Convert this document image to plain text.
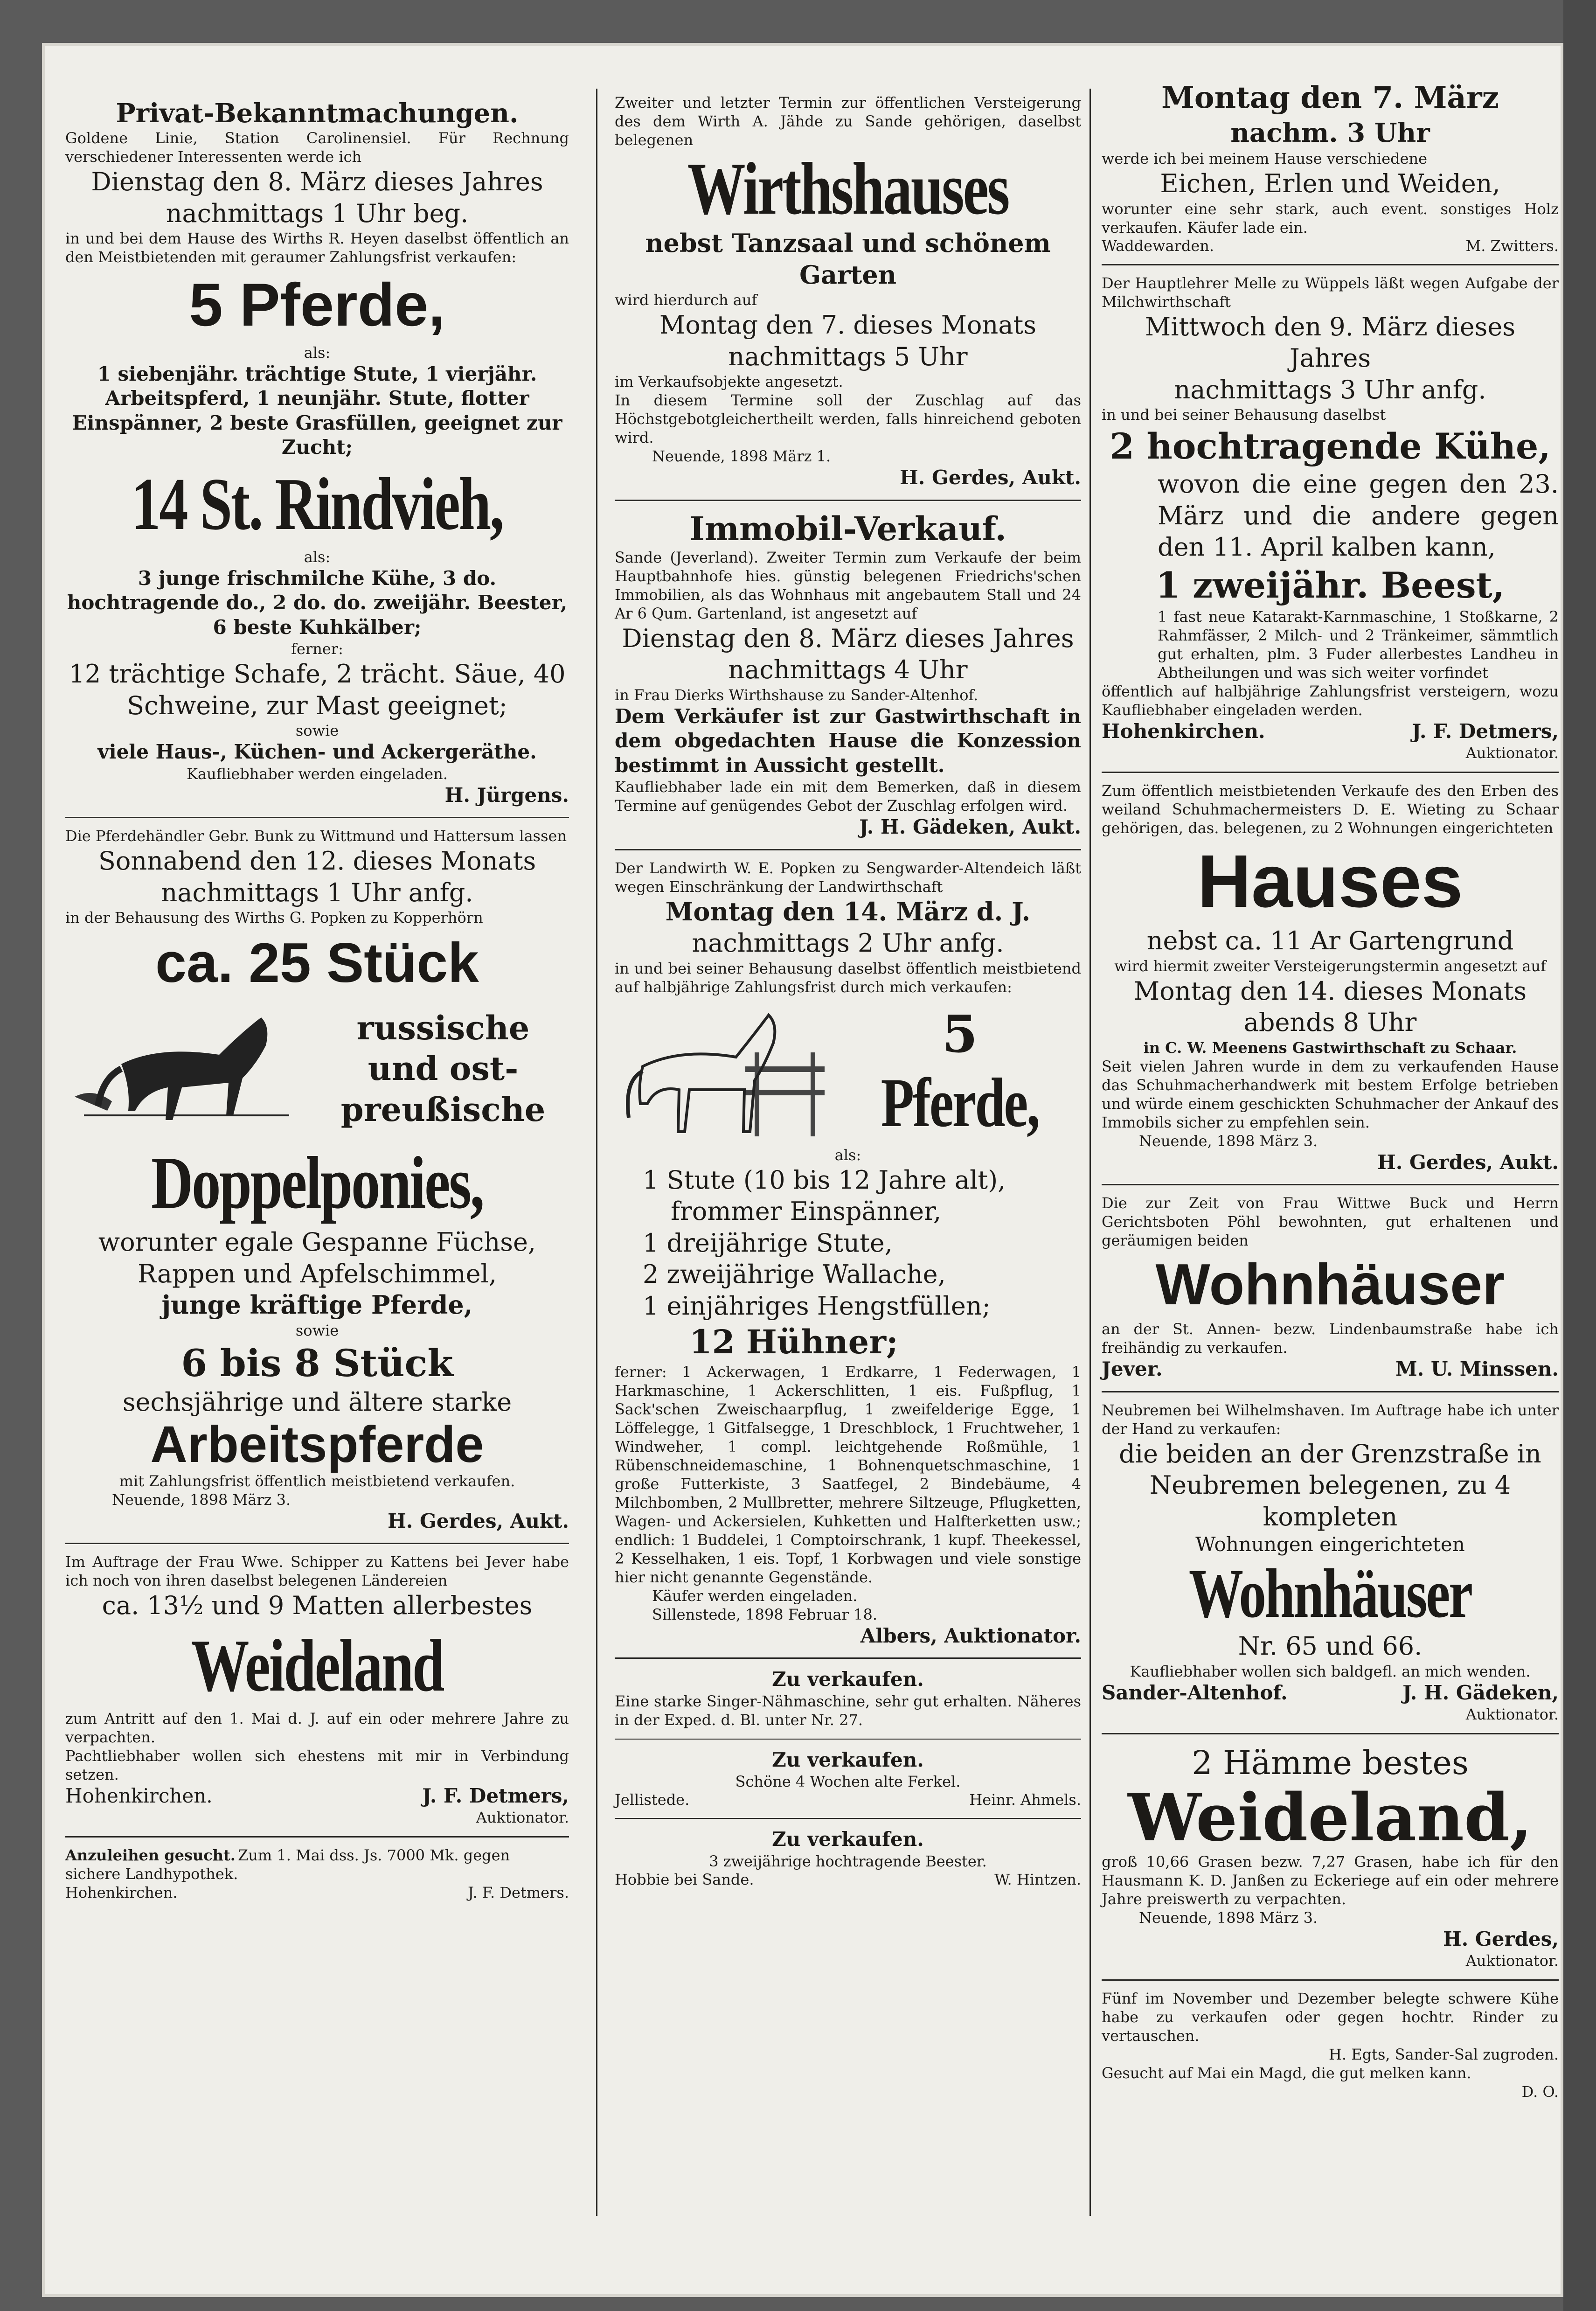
Privat-Bekanntmachungen.
Goldene Linie, Station Carolinensiel. Für Rechnung verschiedener Interessenten werde ich
Dienstag den 8. März dieses Jahres
nachmittags 1 Uhr beg.
in und bei dem Hause des Wirths R. Heyen daselbst öffentlich an den Meistbietenden mit geraumer Zahlungsfrist verkaufen:
5 Pferde,
als:
1 siebenjähr. trächtige Stute, 1 vierjähr. Arbeitspferd, 1 neunjähr. Stute, flotter Einspänner, 2 beste Grasfüllen, geeignet zur Zucht;
14 St. Rindvieh,
als:
3 junge frischmilchе Kühe, 3 do. hochtragende do., 2 do. do. zweijähr. Beester, 6 beste Kuhkälber;
ferner:
12 trächtige Schafe, 2 trächt. Säue, 40 Schweine, zur Mast geeignet;
sowie
viele Haus-, Küchen- und Ackergeräthe.
Kaufliebhaber werden eingeladen.
H. Jürgens.
Die Pferdehändler Gebr. Bunk zu Wittmund und Hattersum lassen
Sonnabend den 12. dieses Monats
nachmittags 1 Uhr anfg.
in der Behausung des Wirths G. Popken zu Kopperhörn
ca. 25 Stück
russische
und ost-
preußische
Doppelponies,
worunter egale Gespanne Füchse, Rappen und Apfelschimmel,
junge kräftige Pferde,
sowie
6 bis 8 Stück
sechsjährige und ältere starke
Arbeitspferde
mit Zahlungsfrist öffentlich meistbietend verkaufen.
Neuende, 1898 März 3.
H. Gerdes, Aukt.
Im Auftrage der Frau Wwe. Schipper zu Kattens bei Jever habe ich noch von ihren daselbst belegenen Ländereien
ca. 13½ und 9 Matten allerbestes
Weideland
zum Antritt auf den 1. Mai d. J. auf ein oder mehrere Jahre zu verpachten.
Pachtliebhaber wollen sich ehestens mit mir in Verbindung setzen.
Hohenkirchen.	J. F. Detmers,
Auktionator.
Anzuleihen gesucht. Zum 1. Mai dss. Js. 7000 Mk. gegen sichere Landhypothek.
Hohenkirchen.	J. F. Detmers.
Zweiter und letzter Termin zur öffentlichen Versteigerung des dem Wirth A. Jähde zu Sande gehörigen, daselbst belegenen
Wirthshauses
nebst Tanzsaal und schönem Garten
wird hierdurch auf
Montag den 7. dieses Monats
nachmittags 5 Uhr
im Verkaufsobjekte angesetzt.
In diesem Termine soll der Zuschlag auf das Höchstgebotgleichertheilt werden, falls hinreichend geboten wird.
Neuende, 1898 März 1.
H. Gerdes, Aukt.
Immobil-Verkauf.
Sande (Jeverland). Zweiter Termin zum Verkaufe der beim Hauptbahnhofe hies. günstig belegenen Friedrichs'schen Immobilien, als das Wohnhaus mit angebautem Stall und 24 Ar 6 Qum. Gartenland, ist angesetzt auf
Dienstag den 8. März dieses Jahres
nachmittags 4 Uhr
in Frau Dierks Wirthshause zu Sander-Altenhof.
Dem Verkäufer ist zur Gastwirthschaft in dem obgedachten Hause die Konzession bestimmt in Aussicht gestellt.
Kaufliebhaber lade ein mit dem Bemerken, daß in diesem Termine auf genügendes Gebot der Zuschlag erfolgen wird.
J. H. Gädeken, Aukt.
Der Landwirth W. E. Popken zu Sengwarder-Altendeich läßt wegen Einschränkung der Landwirthschaft
Montag den 14. März d. J.
nachmittags 2 Uhr anfg.
in und bei seiner Behausung daselbst öffentlich meistbietend auf halbjährige Zahlungsfrist durch mich verkaufen:
5
Pferde,
als:
1 Stute (10 bis 12 Jahre alt),
frommer Einspänner,
1 dreijährige Stute,
2 zweijährige Wallache,
1 einjähriges Hengstfüllen;
12 Hühner;
ferner: 1 Ackerwagen, 1 Erdkarre, 1 Federwagen, 1 Harkmaschine, 1 Ackerschlitten, 1 eis. Fußpflug, 1 Sack'schen Zweischaarpflug, 1 zweifelderige Egge, 1 Löffelegge, 1 Gitfalsegge, 1 Dreschblock, 1 Fruchtweher, 1 Windweher, 1 compl. leichtgehende Roßmühle, 1 Rübenschneidemaschine, 1 Bohnenquetschmaschine, 1 große Futterkiste, 3 Saatfegel, 2 Bindebäume, 4 Milchbomben, 2 Mullbretter, mehrere Siltzeuge, Pflugketten, Wagen- und Ackersielen, Kuhketten und Halfterketten usw.; endlich: 1 Buddelei, 1 Comptoirschrank, 1 kupf. Theekessel, 2 Kesselhaken, 1 eis. Topf, 1 Korbwagen und viele sonstige hier nicht genannte Gegenstände.
Käufer werden eingeladen.
Sillenstede, 1898 Februar 18.
Albers, Auktionator.
Zu verkaufen.
Eine starke Singer-Nähmaschine, sehr gut erhalten. Näheres in der Exped. d. Bl. unter Nr. 27.
Zu verkaufen.
Schöne 4 Wochen alte Ferkel.
Jellistede.	Heinr. Ahmels.
Zu verkaufen.
3 zweijährige hochtragende Beester.
Hobbie bei Sande.	W. Hintzen.
Montag den 7. März
nachm. 3 Uhr
werde ich bei meinem Hause verschiedene
Eichen, Erlen und Weiden,
worunter eine sehr stark, auch event. sonstiges Holz verkaufen. Käufer lade ein.
Waddewarden.	M. Zwitters.
Der Hauptlehrer Melle zu Wüppels läßt wegen Aufgabe der Milchwirthschaft
Mittwoch den 9. März dieses Jahres
nachmittags 3 Uhr anfg.
in und bei seiner Behausung daselbst
2 hochtragende Kühe,
wovon die eine gegen den 23. März und die andere gegen den 11. April kalben kann,
1 zweijähr. Beest,
1 fast neue Katarakt-Karnmaschine, 1 Stoßkarne, 2 Rahmfässer, 2 Milch- und 2 Tränkeimer, sämmtlich gut erhalten, plm. 3 Fuder allerbestes Landheu in Abtheilungen und was sich weiter vorfindet
öffentlich auf halbjährige Zahlungsfrist versteigern, wozu Kaufliebhaber eingeladen werden.
Hohenkirchen.	J. F. Detmers,
Auktionator.
Zum öffentlich meistbietenden Verkaufe des den Erben des weiland Schuhmachermeisters D. E. Wieting zu Schaar gehörigen, das. belegenen, zu 2 Wohnungen eingerichteten
Hauses
nebst ca. 11 Ar Gartengrund
wird hiermit zweiter Versteigerungstermin angesetzt auf
Montag den 14. dieses Monats
abends 8 Uhr
in C. W. Meenens Gastwirthschaft zu Schaar.
Seit vielen Jahren wurde in dem zu verkaufenden Hause das Schuhmacherhandwerk mit bestem Erfolge betrieben und würde einem geschickten Schuhmacher der Ankauf des Immobils sicher zu empfehlen sein.
Neuende, 1898 März 3.
H. Gerdes, Aukt.
Die zur Zeit von Frau Wittwe Buck und Herrn Gerichtsboten Pöhl bewohnten, gut erhaltenen und geräumigen beiden
Wohnhäuser
an der St. Annen- bezw. Lindenbaumstraße habe ich freihändig zu verkaufen.
Jever.	M. U. Minssen.
Neubremen bei Wilhelmshaven. Im Auftrage habe ich unter der Hand zu verkaufen:
die beiden an der Grenzstraße in
Neubremen belegenen, zu 4 kompleten
Wohnungen eingerichteten
Wohnhäuser
Nr. 65 und 66.
Kaufliebhaber wollen sich baldgefl. an mich wenden.
Sander-Altenhof.	J. H. Gädeken,
Auktionator.
2 Hämme bestes
Weideland,
groß 10,66 Grasen bezw. 7,27 Grasen, habe ich für den Hausmann K. D. Janßen zu Eckeriege auf ein oder mehrere Jahre preiswerth zu verpachten.
Neuende, 1898 März 3.
H. Gerdes,
Auktionator.
Fünf im November und Dezember belegte schwere Kühe habe zu verkaufen oder gegen hochtr. Rinder zu vertauschen.
H. Egts, Sander-Sal zugroden.
Gesucht auf Mai ein Magd, die gut melken kann.
D. O.
